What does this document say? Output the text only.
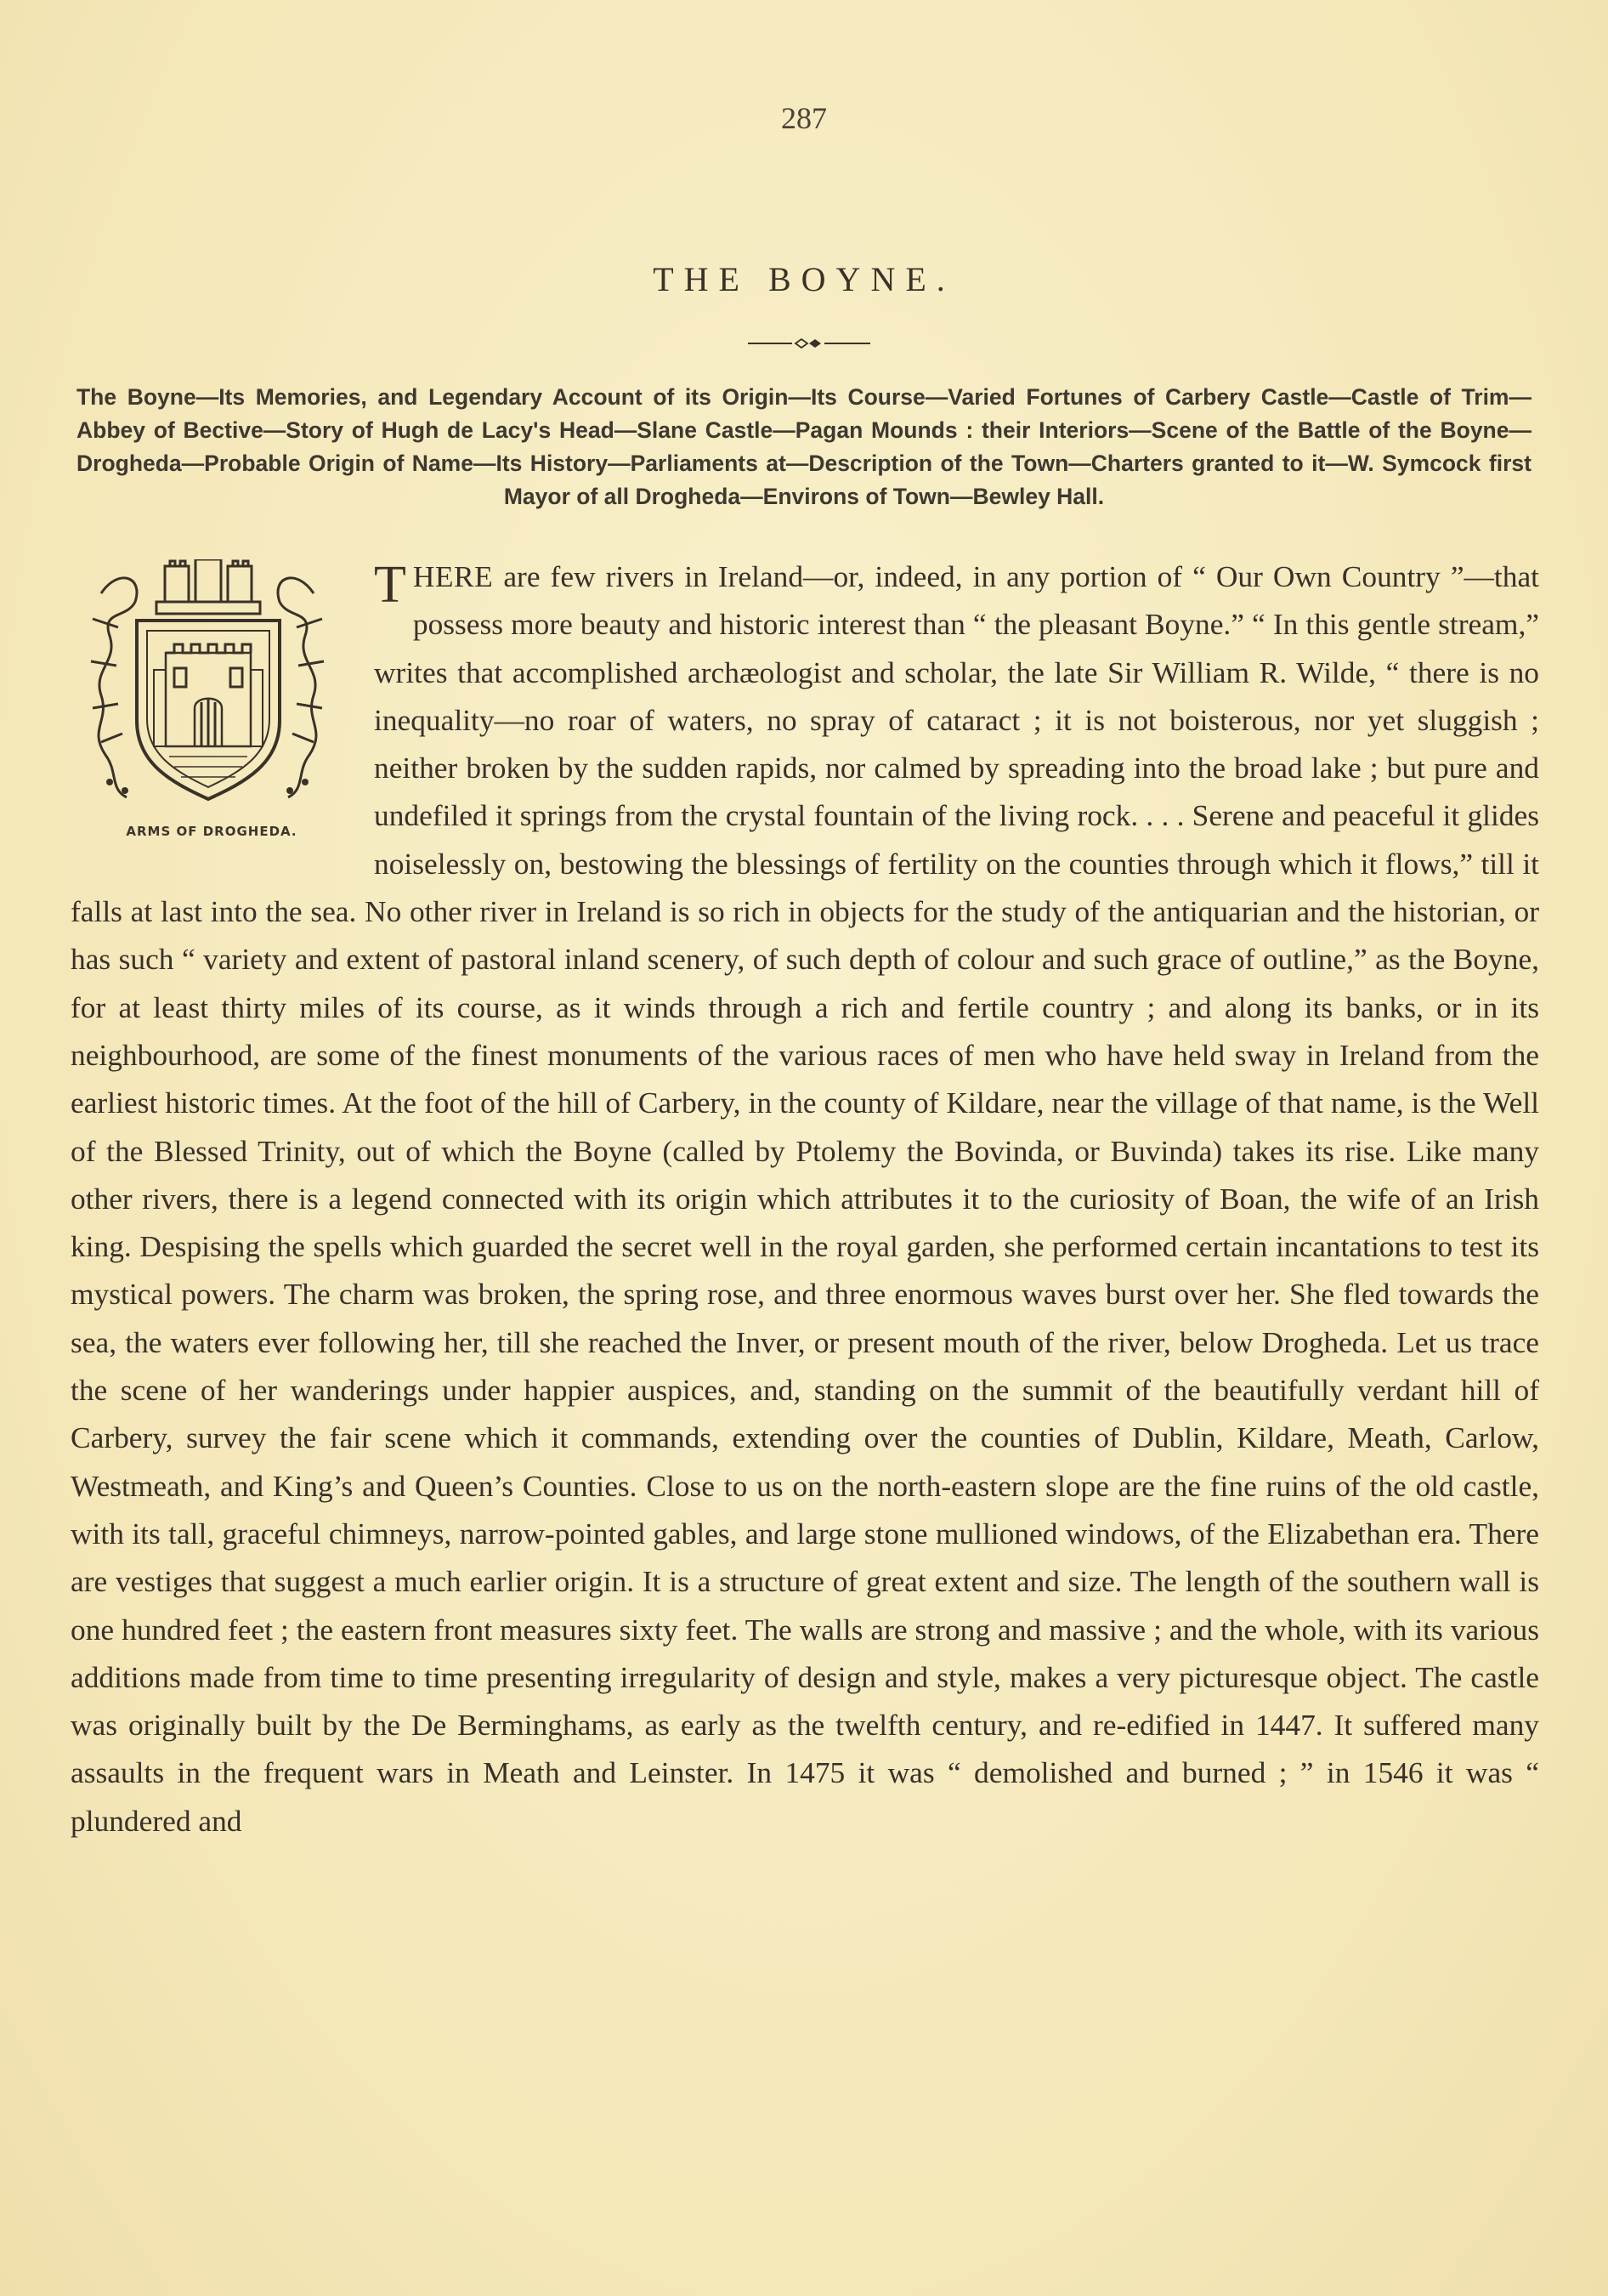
287
THE BOYNE.
The Boyne—Its Memories, and Legendary Account of its Origin—Its Course—Varied Fortunes of Carbery Castle—Castle of Trim—Abbey of Bective—Story of Hugh de Lacy's Head—Slane Castle—Pagan Mounds : their Interiors—Scene of the Battle of the Boyne—Drogheda—Probable Origin of Name—Its History—Parliaments at—Description of the Town—Charters granted to it—W. Symcock first Mayor of all Drogheda—Environs of Town—Bewley Hall.
ARMS OF DROGHEDA.
T HERE are few rivers in Ireland—or, indeed, in any portion of “ Our Own Country ”—that possess more beauty and historic interest than “ the pleasant Boyne.” “ In this gentle stream,” writes that accomplished archæologist and scholar, the late Sir William R. Wilde, “ there is no inequality—no roar of waters, no spray of cataract ; it is not boisterous, nor yet sluggish ; neither broken by the sudden rapids, nor calmed by spreading into the broad lake ; but pure and undefiled it springs from the crystal fountain of the living rock. . . . Serene and peaceful it glides noiselessly on, bestowing the blessings of fertility on the counties through which it flows,” till it falls at last into the sea. No other river in Ireland is so rich in objects for the study of the antiquarian and the historian, or has such “ variety and extent of pastoral inland scenery, of such depth of colour and such grace of outline,” as the Boyne, for at least thirty miles of its course, as it winds through a rich and fertile country ; and along its banks, or in its neighbourhood, are some of the finest monuments of the various races of men who have held sway in Ireland from the earliest historic times. At the foot of the hill of Carbery, in the county of Kildare, near the village of that name, is the Well of the Blessed Trinity, out of which the Boyne (called by Ptolemy the Bovinda, or Buvinda) takes its rise. Like many other rivers, there is a legend connected with its origin which attributes it to the curiosity of Boan, the wife of an Irish king. Despising the spells which guarded the secret well in the royal garden, she performed certain incantations to test its mystical powers. The charm was broken, the spring rose, and three enormous waves burst over her. She fled towards the sea, the waters ever following her, till she reached the Inver, or present mouth of the river, below Drogheda. Let us trace the scene of her wanderings under happier auspices, and, standing on the summit of the beautifully verdant hill of Carbery, survey the fair scene which it commands, extending over the counties of Dublin, Kildare, Meath, Carlow, Westmeath, and King’s and Queen’s Counties. Close to us on the north-eastern slope are the fine ruins of the old castle, with its tall, graceful chimneys, narrow-pointed gables, and large stone mullioned windows, of the Elizabethan era. There are vestiges that suggest a much earlier origin. It is a structure of great extent and size. The length of the southern wall is one hundred feet ; the eastern front measures sixty feet. The walls are strong and massive ; and the whole, with its various additions made from time to time presenting irregularity of design and style, makes a very picturesque object. The castle was originally built by the De Berminghams, as early as the twelfth century, and re-edified in 1447. It suffered many assaults in the frequent wars in Meath and Leinster. In 1475 it was “ demolished and burned ; ” in 1546 it was “ plundered and
